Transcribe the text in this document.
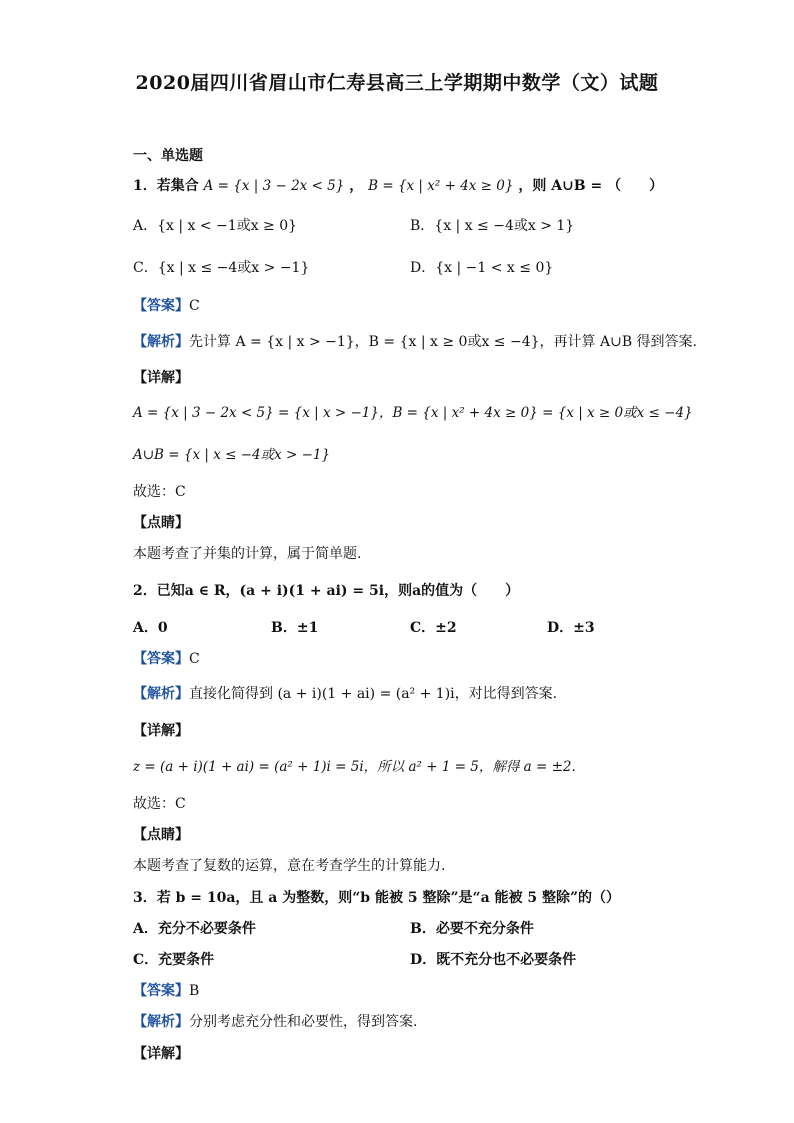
2020届四川省眉山市仁寿县高三上学期期中数学（文）试题
一、单选题
1．若集合 A = {x | 3 − 2x < 5} ， B = {x | x² + 4x ≥ 0} ，则 A∪B = （　　）
A．{x | x < −1或x ≥ 0}	B．{x | x ≤ −4或x > 1}
C．{x | x ≤ −4或x > −1}	D．{x | −1 < x ≤ 0}
【答案】C
【解析】先计算 A = {x | x > −1}，B = {x | x ≥ 0或x ≤ −4}，再计算 A∪B 得到答案.
【详解】
A = {x | 3 − 2x < 5} = {x | x > −1}，B = {x | x² + 4x ≥ 0} = {x | x ≥ 0或x ≤ −4}
A∪B = {x | x ≤ −4或x > −1}
故选：C
【点睛】
本题考查了并集的计算，属于简单题.
2．已知a ∈ R，(a + i)(1 + ai) = 5i，则a的值为（　　）
A．0	B．±1	C．±2	D．±3
【答案】C
【解析】直接化简得到 (a + i)(1 + ai) = (a² + 1)i，对比得到答案.
【详解】
z = (a + i)(1 + ai) = (a² + 1)i = 5i，所以 a² + 1 = 5，解得 a = ±2.
故选：C
【点睛】
本题考查了复数的运算，意在考查学生的计算能力.
3．若 b = 10a，且 a 为整数，则“b 能被 5 整除”是“a 能被 5 整除”的（）
A．充分不必要条件	B．必要不充分条件
C．充要条件	D．既不充分也不必要条件
【答案】B
【解析】分别考虑充分性和必要性，得到答案.
【详解】
